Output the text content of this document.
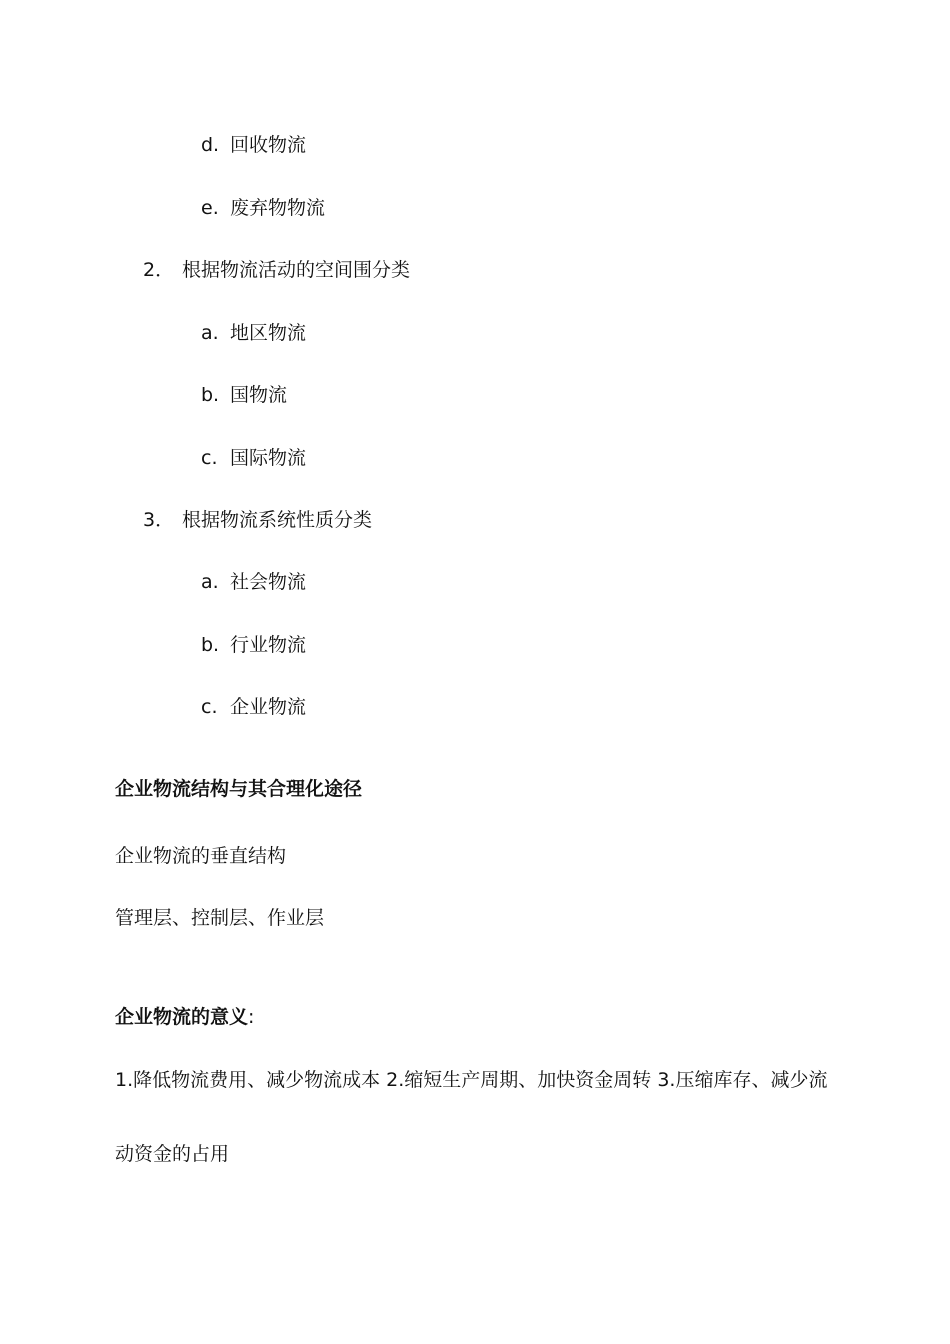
d. 回收物流
e. 废弃物物流
2． 根据物流活动的空间围分类
a. 地区物流
b. 国物流
c. 国际物流
3． 根据物流系统性质分类
a. 社会物流
b. 行业物流
c. 企业物流
企业物流结构与其合理化途径
企业物流的垂直结构
管理层、控制层、作业层
企业物流的意义:
1.降低物流费用、减少物流成本 2.缩短生产周期、加快资金周转 3.压缩库存、减少流
动资金的占用
